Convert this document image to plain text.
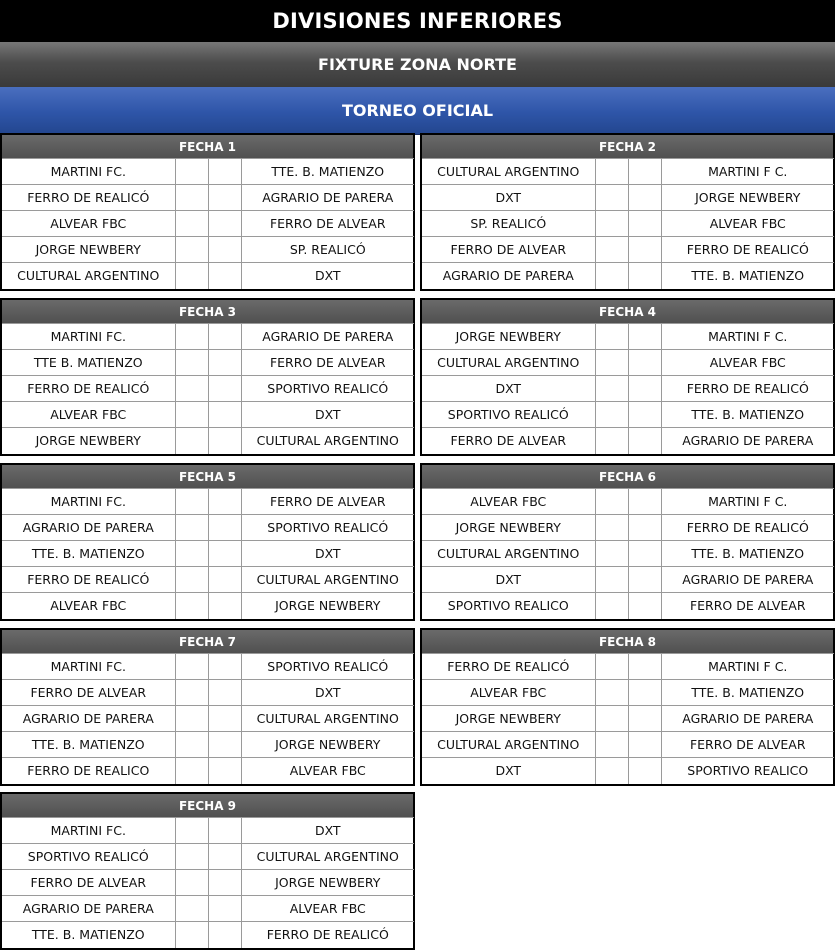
DIVISIONES INFERIORES
FIXTURE ZONA NORTE
TORNEO OFICIAL
FECHA 1
MARTINI FC.			TTE. B. MATIENZO
FERRO DE REALICÓ			AGRARIO DE PARERA
ALVEAR FBC			FERRO DE ALVEAR
JORGE NEWBERY			SP. REALICÓ
CULTURAL ARGENTINO			DXT
FECHA 2
CULTURAL ARGENTINO			MARTINI F C.
DXT			JORGE NEWBERY
SP. REALICÓ			ALVEAR FBC
FERRO DE ALVEAR			FERRO DE REALICÓ
AGRARIO DE PARERA			TTE. B. MATIENZO
FECHA 3
MARTINI FC.			AGRARIO DE PARERA
TTE B. MATIENZO			FERRO DE ALVEAR
FERRO DE REALICÓ			SPORTIVO REALICÓ
ALVEAR FBC			DXT
JORGE NEWBERY			CULTURAL ARGENTINO
FECHA 4
JORGE NEWBERY			MARTINI F C.
CULTURAL ARGENTINO			ALVEAR FBC
DXT			FERRO DE REALICÓ
SPORTIVO REALICÓ			TTE. B. MATIENZO
FERRO DE ALVEAR			AGRARIO DE PARERA
FECHA 5
MARTINI FC.			FERRO DE ALVEAR
AGRARIO DE PARERA			SPORTIVO REALICÓ
TTE. B. MATIENZO			DXT
FERRO DE REALICÓ			CULTURAL ARGENTINO
ALVEAR FBC			JORGE NEWBERY
FECHA 6
ALVEAR FBC			MARTINI F C.
JORGE NEWBERY			FERRO DE REALICÓ
CULTURAL ARGENTINO			TTE. B. MATIENZO
DXT			AGRARIO DE PARERA
SPORTIVO REALICO			FERRO DE ALVEAR
FECHA 7
MARTINI FC.			SPORTIVO REALICÓ
FERRO DE ALVEAR			DXT
AGRARIO DE PARERA			CULTURAL ARGENTINO
TTE. B. MATIENZO			JORGE NEWBERY
FERRO DE REALICO			ALVEAR FBC
FECHA 8
FERRO DE REALICÓ			MARTINI F C.
ALVEAR FBC			TTE. B. MATIENZO
JORGE NEWBERY			AGRARIO DE PARERA
CULTURAL ARGENTINO			FERRO DE ALVEAR
DXT			SPORTIVO REALICO
FECHA 9
MARTINI FC.			DXT
SPORTIVO REALICÓ			CULTURAL ARGENTINO
FERRO DE ALVEAR			JORGE NEWBERY
AGRARIO DE PARERA			ALVEAR FBC
TTE. B. MATIENZO			FERRO DE REALICÓ
